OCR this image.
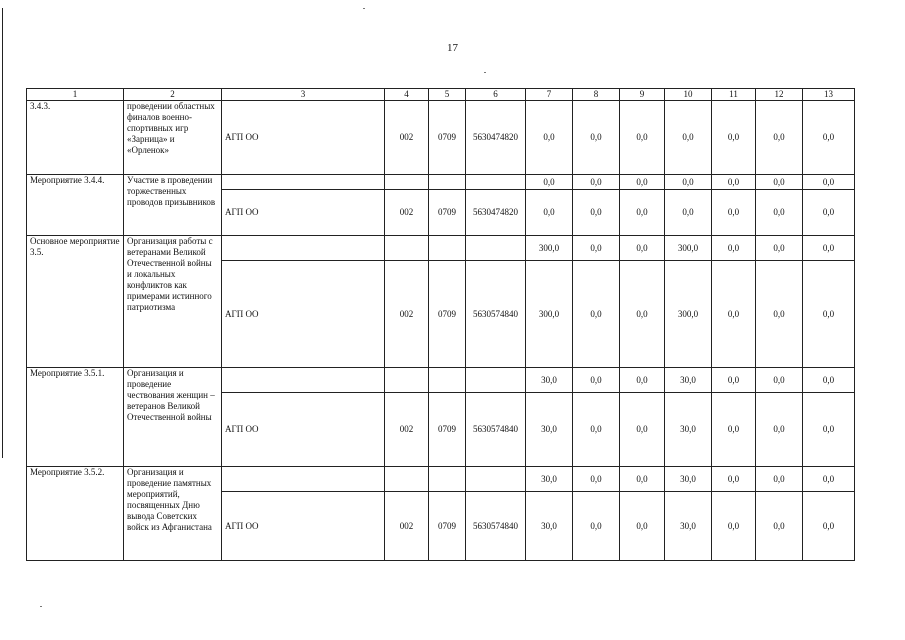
17
1	2	3	4	5	6	7	8	9	10	11	12	13
3.4.3.	проведении областных финалов военно-спортивных игр «Зарница» и «Орленок»	АГП ОО	002	0709	5630474820	0,0	0,0	0,0	0,0	0,0	0,0	0,0
Мероприятие 3.4.4.	Участие в проведении торжественных проводов призывников					0,0	0,0	0,0	0,0	0,0	0,0	0,0
		АГП ОО	002	0709	5630474820	0,0	0,0	0,0	0,0	0,0	0,0	0,0
Основное мероприятие 3.5.	Организация работы с ветеранами Великой Отечественной войны и локальных конфликтов как примерами истинного патриотизма					300,0	0,0	0,0	300,0	0,0	0,0	0,0
		АГП ОО	002	0709	5630574840	300,0	0,0	0,0	300,0	0,0	0,0	0,0
Мероприятие 3.5.1.	Организация и проведение чествования женщин – ветеранов Великой Отечественной войны					30,0	0,0	0,0	30,0	0,0	0,0	0,0
		АГП ОО	002	0709	5630574840	30,0	0,0	0,0	30,0	0,0	0,0	0,0
Мероприятие 3.5.2.	Организация и проведение памятных мероприятий, посвященных Дню вывода Советских войск из Афганистана					30,0	0,0	0,0	30,0	0,0	0,0	0,0
		АГП ОО	002	0709	5630574840	30,0	0,0	0,0	30,0	0,0	0,0	0,0
